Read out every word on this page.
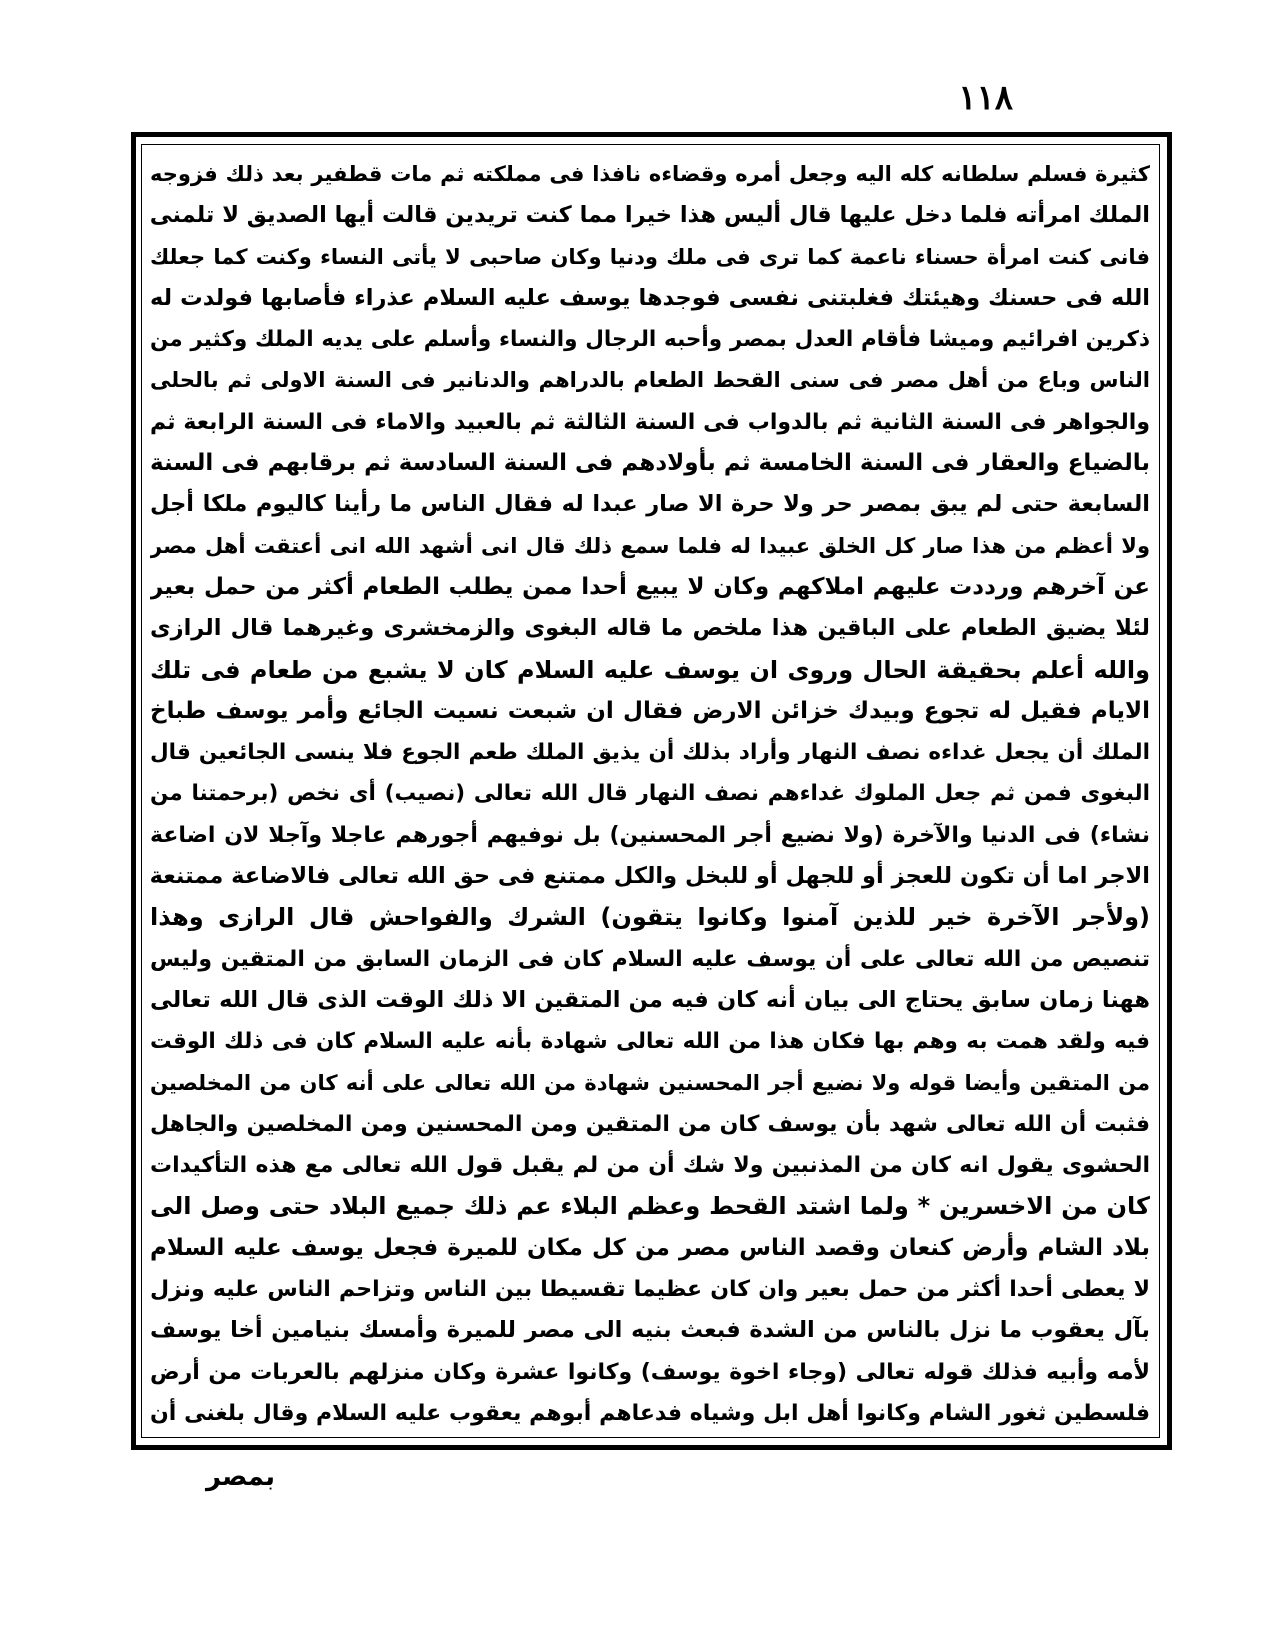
١١٨
كثيرة فسلم سلطانه كله اليه وجعل أمره وقضاءه نافذا فى مملكته ثم مات قطفير بعد ذلك فزوجه
الملك امرأته فلما دخل عليها قال أليس هذا خيرا مما كنت تريدين قالت أيها الصديق لا تلمنى
فانى كنت امرأة حسناء ناعمة كما ترى فى ملك ودنيا وكان صاحبى لا يأتى النساء وكنت كما جعلك
الله فى حسنك وهيئتك فغلبتنى نفسى فوجدها يوسف عليه السلام عذراء فأصابها فولدت له
ذكرين افرائيم وميشا فأقام العدل بمصر وأحبه الرجال والنساء وأسلم على يديه الملك وكثير من
الناس وباع من أهل مصر فى سنى القحط الطعام بالدراهم والدنانير فى السنة الاولى ثم بالحلى
والجواهر فى السنة الثانية ثم بالدواب فى السنة الثالثة ثم بالعبيد والاماء فى السنة الرابعة ثم
بالضياع والعقار فى السنة الخامسة ثم بأولادهم فى السنة السادسة ثم برقابهم فى السنة
السابعة حتى لم يبق بمصر حر ولا حرة الا صار عبدا له فقال الناس ما رأينا كاليوم ملكا أجل
ولا أعظم من هذا صار كل الخلق عبيدا له فلما سمع ذلك قال انى أشهد الله انى أعتقت أهل مصر
عن آخرهم ورددت عليهم املاكهم وكان لا يبيع أحدا ممن يطلب الطعام أكثر من حمل بعير
لئلا يضيق الطعام على الباقين هذا ملخص ما قاله البغوى والزمخشرى وغيرهما قال الرازى
والله أعلم بحقيقة الحال وروى ان يوسف عليه السلام كان لا يشبع من طعام فى تلك
الايام فقيل له تجوع وبيدك خزائن الارض فقال ان شبعت نسيت الجائع وأمر يوسف طباخ
الملك أن يجعل غداءه نصف النهار وأراد بذلك أن يذيق الملك طعم الجوع فلا ينسى الجائعين قال
البغوى فمن ثم جعل الملوك غداءهم نصف النهار قال الله تعالى (نصيب) أى نخص (برحمتنا من
نشاء) فى الدنيا والآخرة (ولا نضيع أجر المحسنين) بل نوفيهم أجورهم عاجلا وآجلا لان اضاعة
الاجر اما أن تكون للعجز أو للجهل أو للبخل والكل ممتنع فى حق الله تعالى فالاضاعة ممتنعة
(ولأجر الآخرة خير للذين آمنوا وكانوا يتقون) الشرك والفواحش قال الرازى وهذا
تنصيص من الله تعالى على أن يوسف عليه السلام كان فى الزمان السابق من المتقين وليس
ههنا زمان سابق يحتاج الى بيان أنه كان فيه من المتقين الا ذلك الوقت الذى قال الله تعالى
فيه ولقد همت به وهم بها فكان هذا من الله تعالى شهادة بأنه عليه السلام كان فى ذلك الوقت
من المتقين وأيضا قوله ولا نضيع أجر المحسنين شهادة من الله تعالى على أنه كان من المخلصين
فثبت أن الله تعالى شهد بأن يوسف كان من المتقين ومن المحسنين ومن المخلصين والجاهل
الحشوى يقول انه كان من المذنبين ولا شك أن من لم يقبل قول الله تعالى مع هذه التأكيدات
كان من الاخسرين * ولما اشتد القحط وعظم البلاء عم ذلك جميع البلاد حتى وصل الى
بلاد الشام وأرض كنعان وقصد الناس مصر من كل مكان للميرة فجعل يوسف عليه السلام
لا يعطى أحدا أكثر من حمل بعير وان كان عظيما تقسيطا بين الناس وتزاحم الناس عليه ونزل
بآل يعقوب ما نزل بالناس من الشدة فبعث بنيه الى مصر للميرة وأمسك بنيامين أخا يوسف
لأمه وأبيه فذلك قوله تعالى (وجاء اخوة يوسف) وكانوا عشرة وكان منزلهم بالعربات من أرض
فلسطين ثغور الشام وكانوا أهل ابل وشياه فدعاهم أبوهم يعقوب عليه السلام وقال بلغنى أن
بمصر
